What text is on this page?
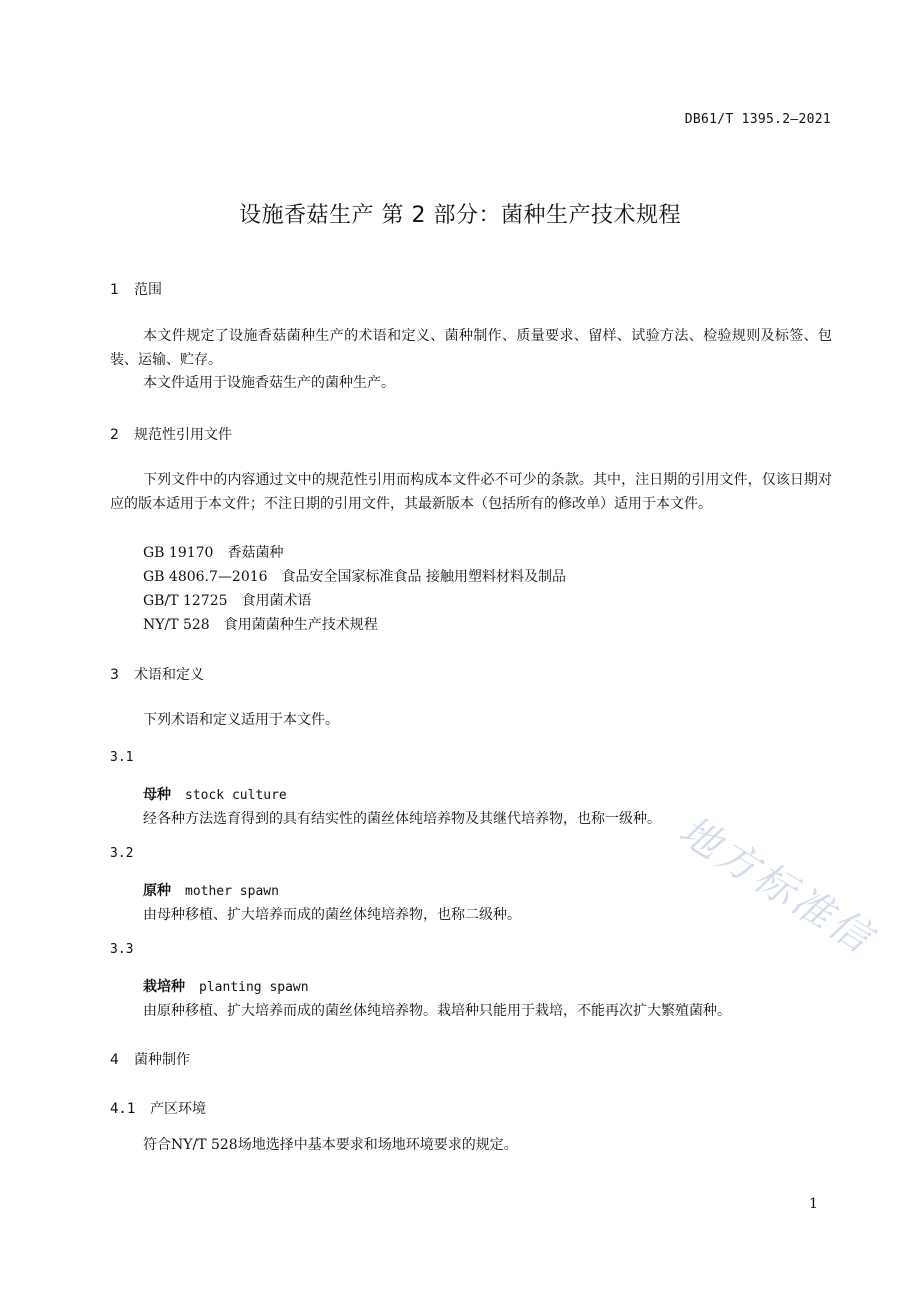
DB61/T 1395.2—2021
设施香菇生产 第 2 部分：菌种生产技术规程
1 范围
本文件规定了设施香菇菌种生产的术语和定义、菌种制作、质量要求、留样、试验方法、检验规则及标签、包装、运输、贮存。
本文件适用于设施香菇生产的菌种生产。
2 规范性引用文件
下列文件中的内容通过文中的规范性引用而构成本文件必不可少的条款。其中，注日期的引用文件，仅该日期对应的版本适用于本文件；不注日期的引用文件，其最新版本（包括所有的修改单）适用于本文件。
GB 19170 香菇菌种
GB 4806.7—2016 食品安全国家标准食品 接触用塑料材料及制品
GB/T 12725 食用菌术语
NY/T 528 食用菌菌种生产技术规程
3 术语和定义
下列术语和定义适用于本文件。
3.1
母种 stock culture
经各种方法选育得到的具有结实性的菌丝体纯培养物及其继代培养物，也称一级种。
3.2
原种 mother spawn
由母种移植、扩大培养而成的菌丝体纯培养物，也称二级种。
3.3
栽培种 planting spawn
由原种移植、扩大培养而成的菌丝体纯培养物。栽培种只能用于栽培，不能再次扩大繁殖菌种。
4 菌种制作
4.1 产区环境
符合NY/T 528场地选择中基本要求和场地环境要求的规定。
地方标准信
1
